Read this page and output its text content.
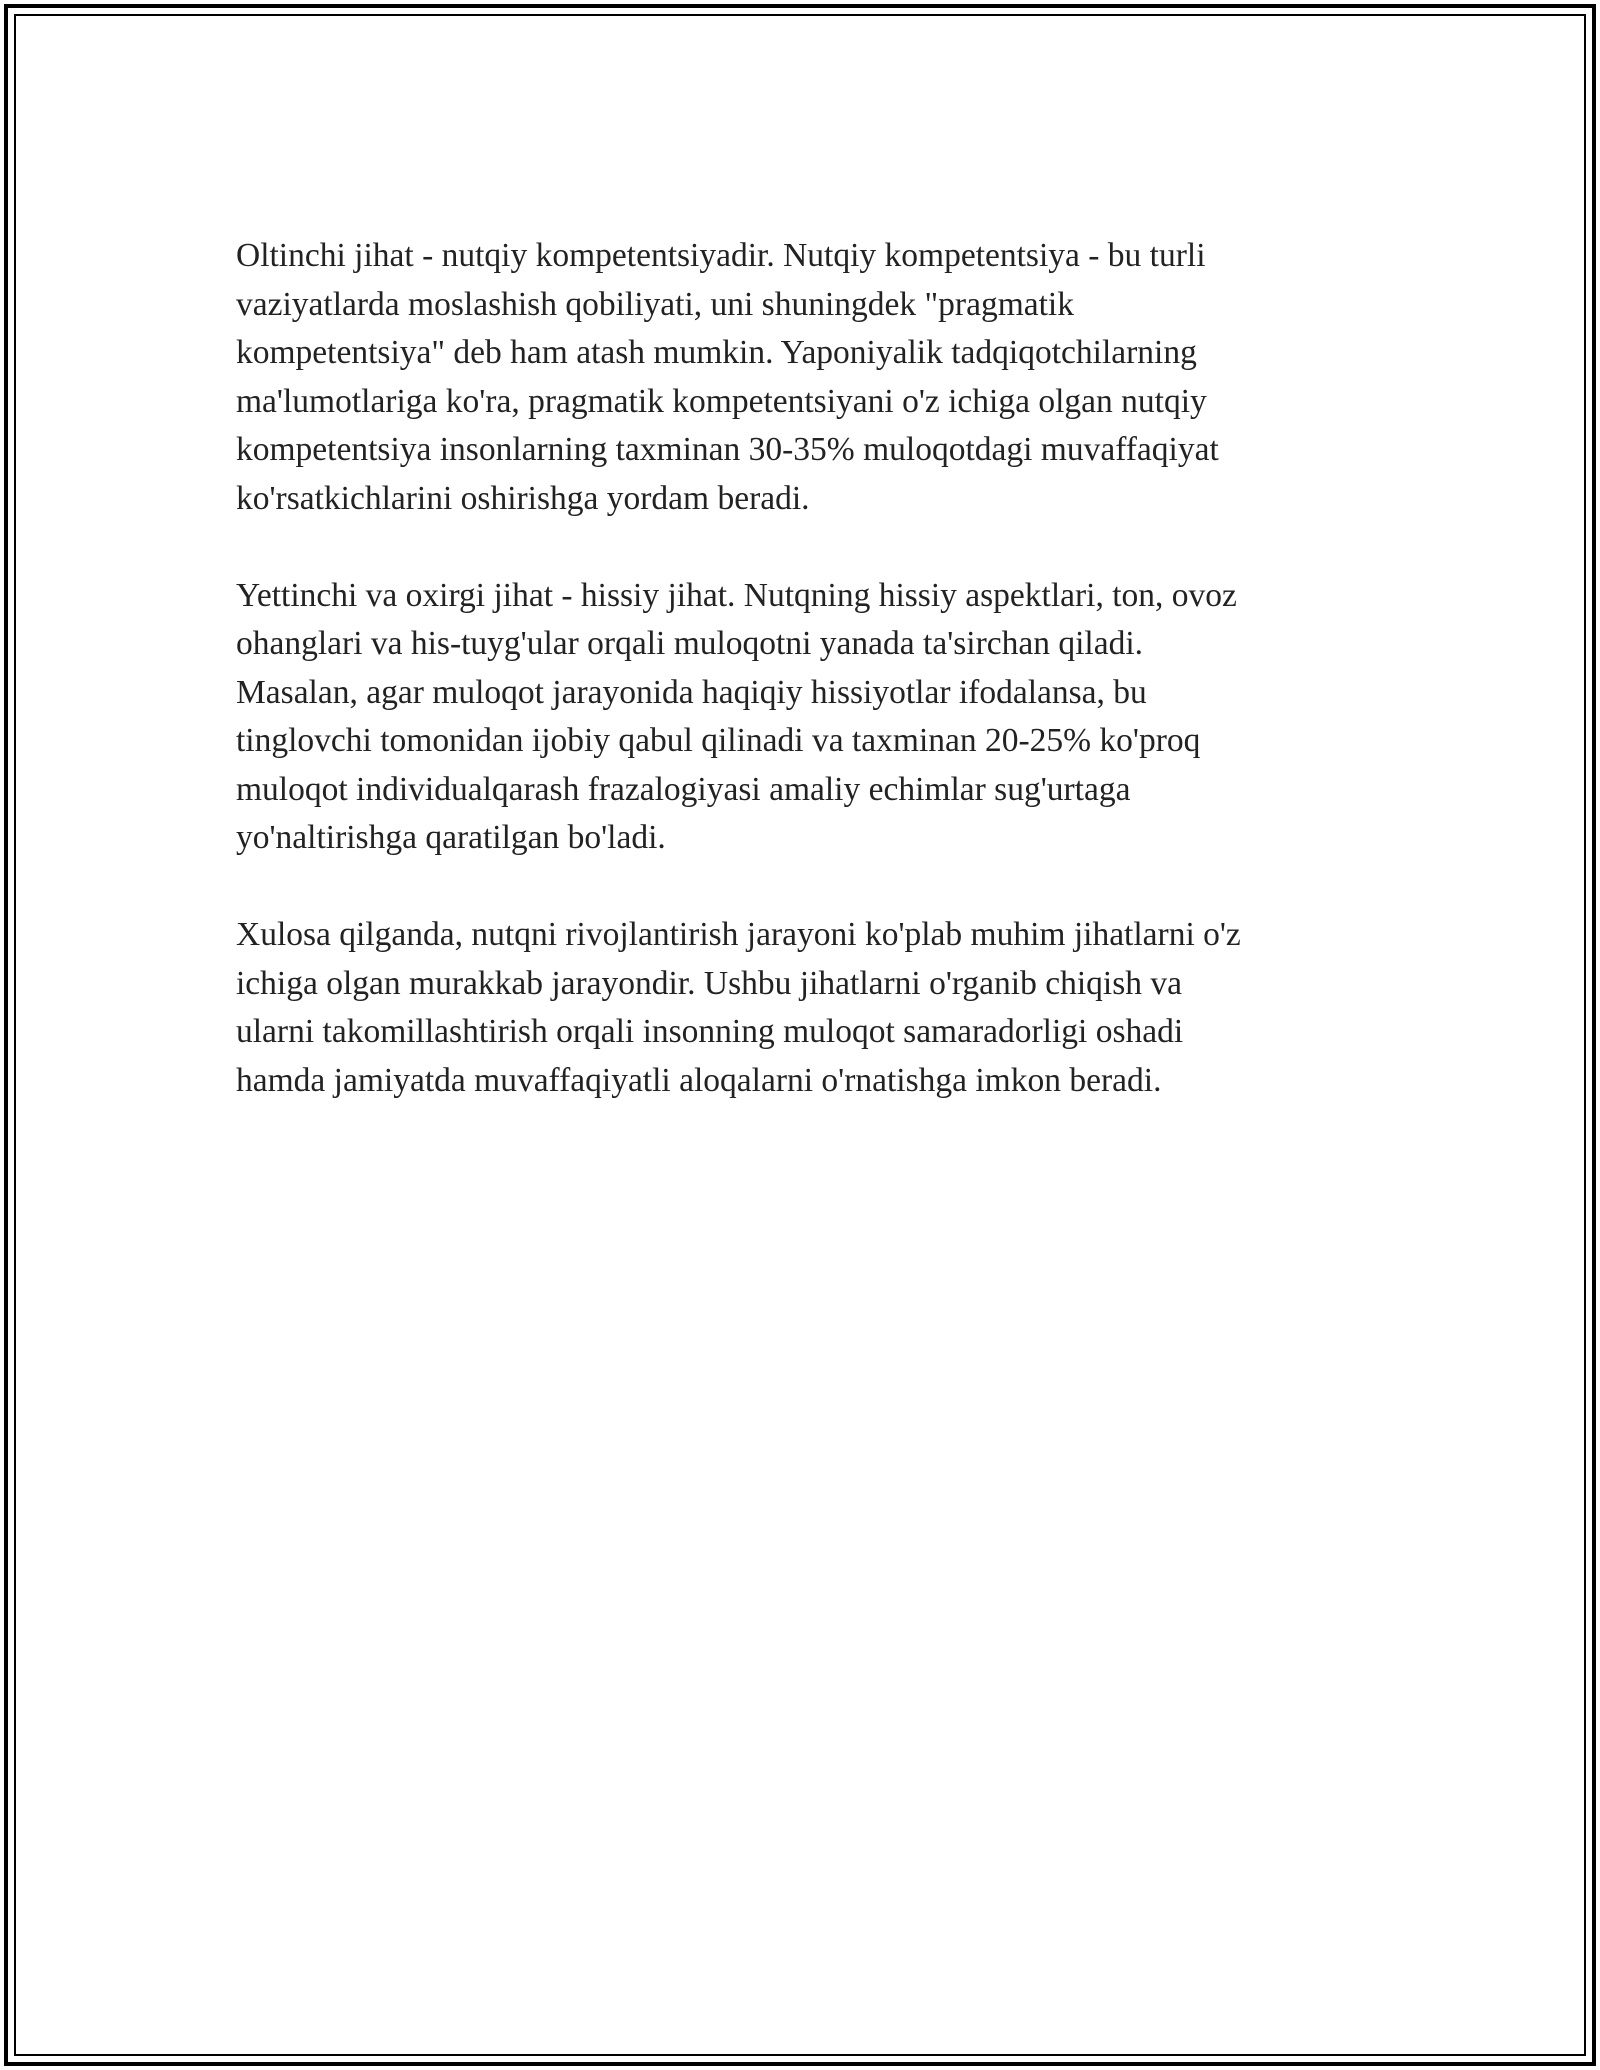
Oltinchi jihat - nutqiy kompetentsiyadir. Nutqiy kompetentsiya - bu turli
vaziyatlarda moslashish qobiliyati, uni shuningdek "pragmatik
kompetentsiya" deb ham atash mumkin. Yaponiyalik tadqiqotchilarning
ma'lumotlariga ko'ra, pragmatik kompetentsiyani o'z ichiga olgan nutqiy
kompetentsiya insonlarning taxminan 30-35% muloqotdagi muvaffaqiyat
ko'rsatkichlarini oshirishga yordam beradi.

Yettinchi va oxirgi jihat - hissiy jihat. Nutqning hissiy aspektlari, ton, ovoz
ohanglari va his-tuyg'ular orqali muloqotni yanada ta'sirchan qiladi.
Masalan, agar muloqot jarayonida haqiqiy hissiyotlar ifodalansa, bu
tinglovchi tomonidan ijobiy qabul qilinadi va taxminan 20-25% ko'proq
muloqot individualqarash frazalogiyasi amaliy echimlar sug'urtaga
yo'naltirishga qaratilgan bo'ladi.

Xulosa qilganda, nutqni rivojlantirish jarayoni ko'plab muhim jihatlarni o'z
ichiga olgan murakkab jarayondir. Ushbu jihatlarni o'rganib chiqish va
ularni takomillashtirish orqali insonning muloqot samaradorligi oshadi
hamda jamiyatda muvaffaqiyatli aloqalarni o'rnatishga imkon beradi.
